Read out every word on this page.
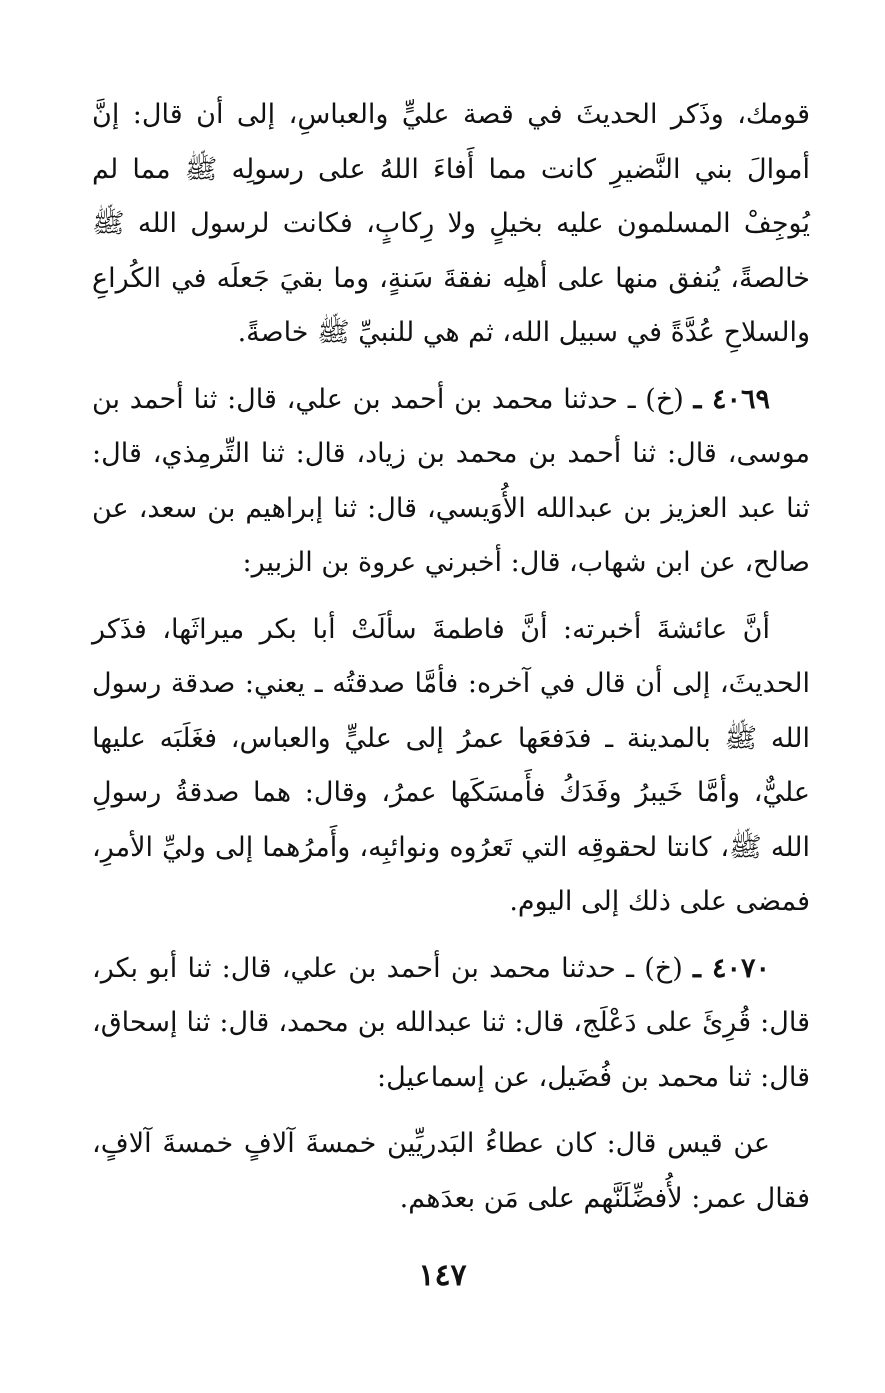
قومك، وذَكر الحديثَ في قصة عليٍّ والعباسِ، إلى أن قال: إنَّ أموالَ بني النَّضيرِ كانت مما أَفاءَ اللهُ على رسولِه ﷺ مما لم يُوجِفْ المسلمون عليه بخيلٍ ولا رِكابٍ، فكانت لرسول الله ﷺ خالصةً، يُنفق منها على أهلِه نفقةَ سَنةٍ، وما بقيَ جَعلَه في الكُراعِ والسلاحِ عُدَّةً في سبيل الله، ثم هي للنبيِّ ﷺ خاصةً.

٤٠٦٩ ـ (خ) ـ حدثنا محمد بن أحمد بن علي، قال: ثنا أحمد بن موسى، قال: ثنا أحمد بن محمد بن زياد، قال: ثنا التِّرمِذي، قال: ثنا عبد العزيز بن عبدالله الأُوَيسي، قال: ثنا إبراهيم بن سعد، عن صالح، عن ابن شهاب، قال: أخبرني عروة بن الزبير:

أنَّ عائشةَ أخبرته: أنَّ فاطمةَ سألَتْ أبا بكر ميراثَها، فذَكر الحديثَ، إلى أن قال في آخره: فأمَّا صدقتُه ـ يعني: صدقة رسول الله ﷺ بالمدينة ـ فدَفعَها عمرُ إلى عليٍّ والعباس، فغَلَبَه عليها عليٌّ، وأمَّا خَيبرُ وفَدَكُ فأَمسَكَها عمرُ، وقال: هما صدقةُ رسولِ الله ﷺ، كانتا لحقوقِه التي تَعرُوه ونوائبِه، وأَمرُهما إلى وليِّ الأمرِ، فمضى على ذلك إلى اليوم.

٤٠٧٠ ـ (خ) ـ حدثنا محمد بن أحمد بن علي، قال: ثنا أبو بكر، قال: قُرِئَ على دَعْلَج، قال: ثنا عبدالله بن محمد، قال: ثنا إسحاق، قال: ثنا محمد بن فُضَيل، عن إسماعيل:

عن قيس قال: كان عطاءُ البَدريِّين خمسةَ آلافٍ خمسةَ آلافٍ، فقال عمر: لأُفضِّلَنَّهم على مَن بعدَهم.

١٤٧
